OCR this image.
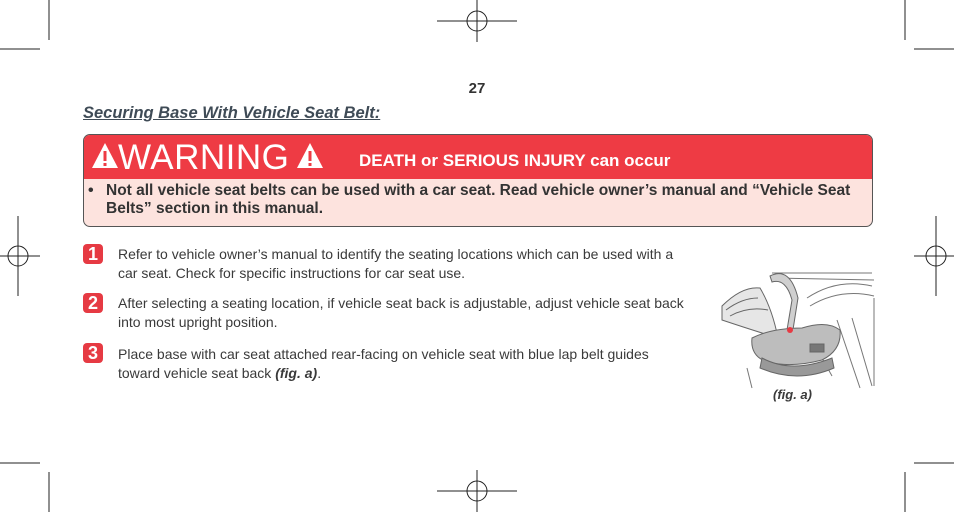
27
Securing Base With Vehicle Seat Belt:
WARNING	DEATH or SERIOUS INJURY can occur
• Not all vehicle seat belts can be used with a car seat. Read vehicle owner’s manual and “Vehicle Seat Belts” section in this manual.
1	Refer to vehicle owner’s manual to identify the seating locations which can be used with a car seat. Check for specific instructions for car seat use.
2	After selecting a seating location, if vehicle seat back is adjustable, adjust vehicle seat back into most upright position.
3	Place base with car seat attached rear-facing on vehicle seat with blue lap belt guides toward vehicle seat back (fig. a).
(fig. a)
